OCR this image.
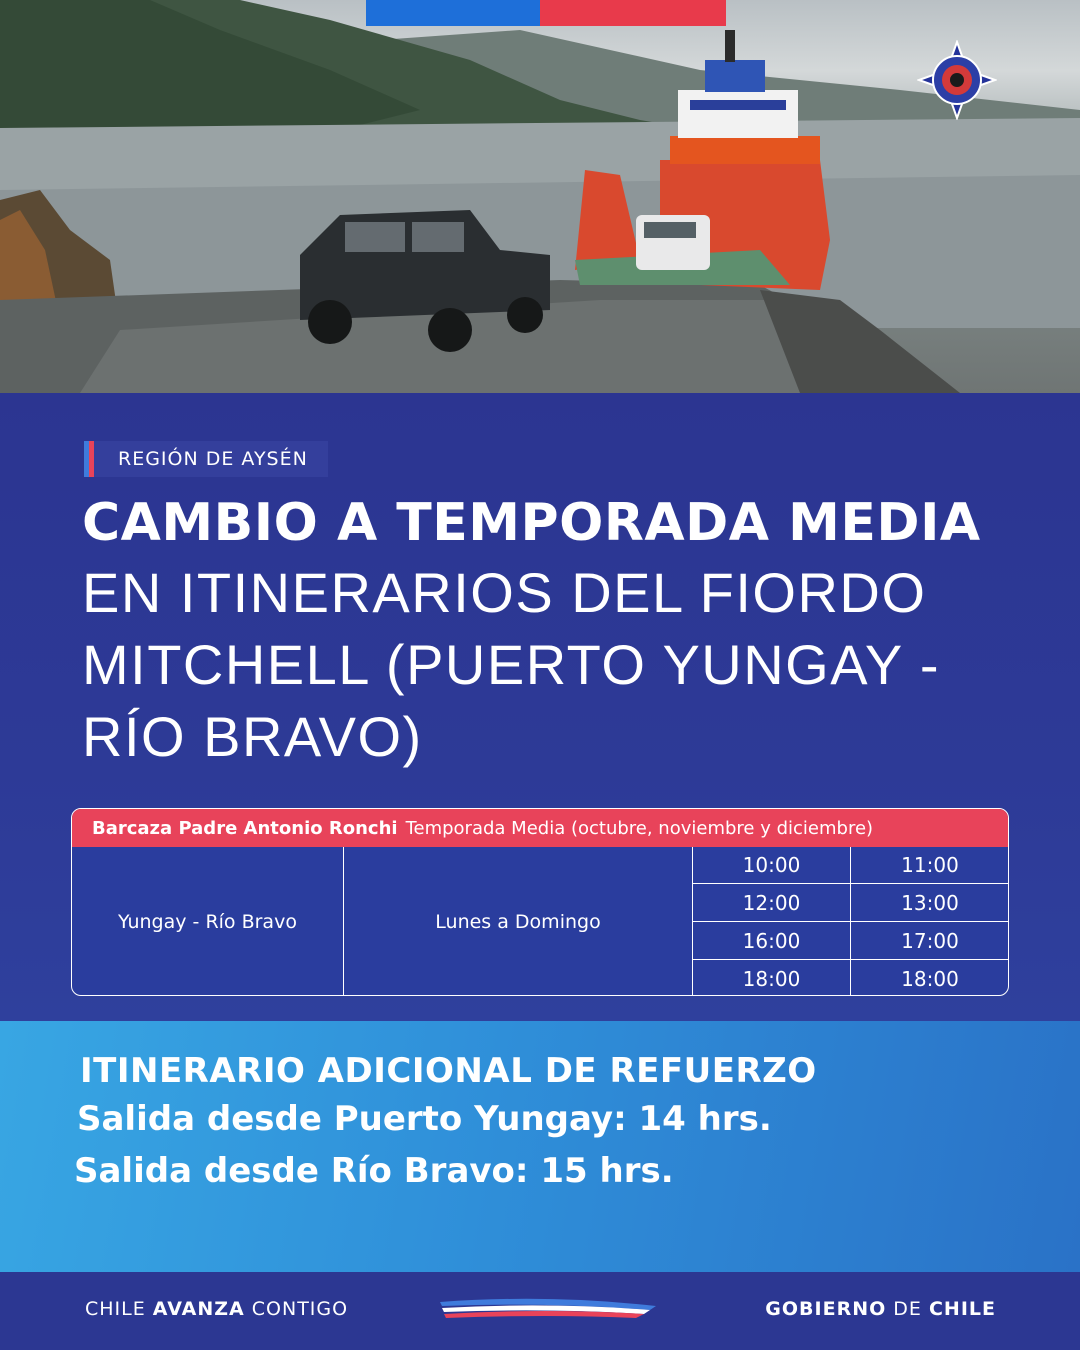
REGIÓN DE AYSÉN
CAMBIO A TEMPORADA MEDIA
EN ITINERARIOS DEL FIORDO
MITCHELL (PUERTO YUNGAY -
RÍO BRAVO)
Barcaza Padre Antonio Ronchi Temporada Media (octubre, noviembre y diciembre)
Yungay - Río Bravo	Lunes a Domingo
10:00	11:00
12:00	13:00
16:00	17:00
18:00	18:00
ITINERARIO ADICIONAL DE REFUERZO
Salida desde Puerto Yungay: 14 hrs.
Salida desde Río Bravo: 15 hrs.
CHILE AVANZA CONTIGO	GOBIERNO DE CHILE
